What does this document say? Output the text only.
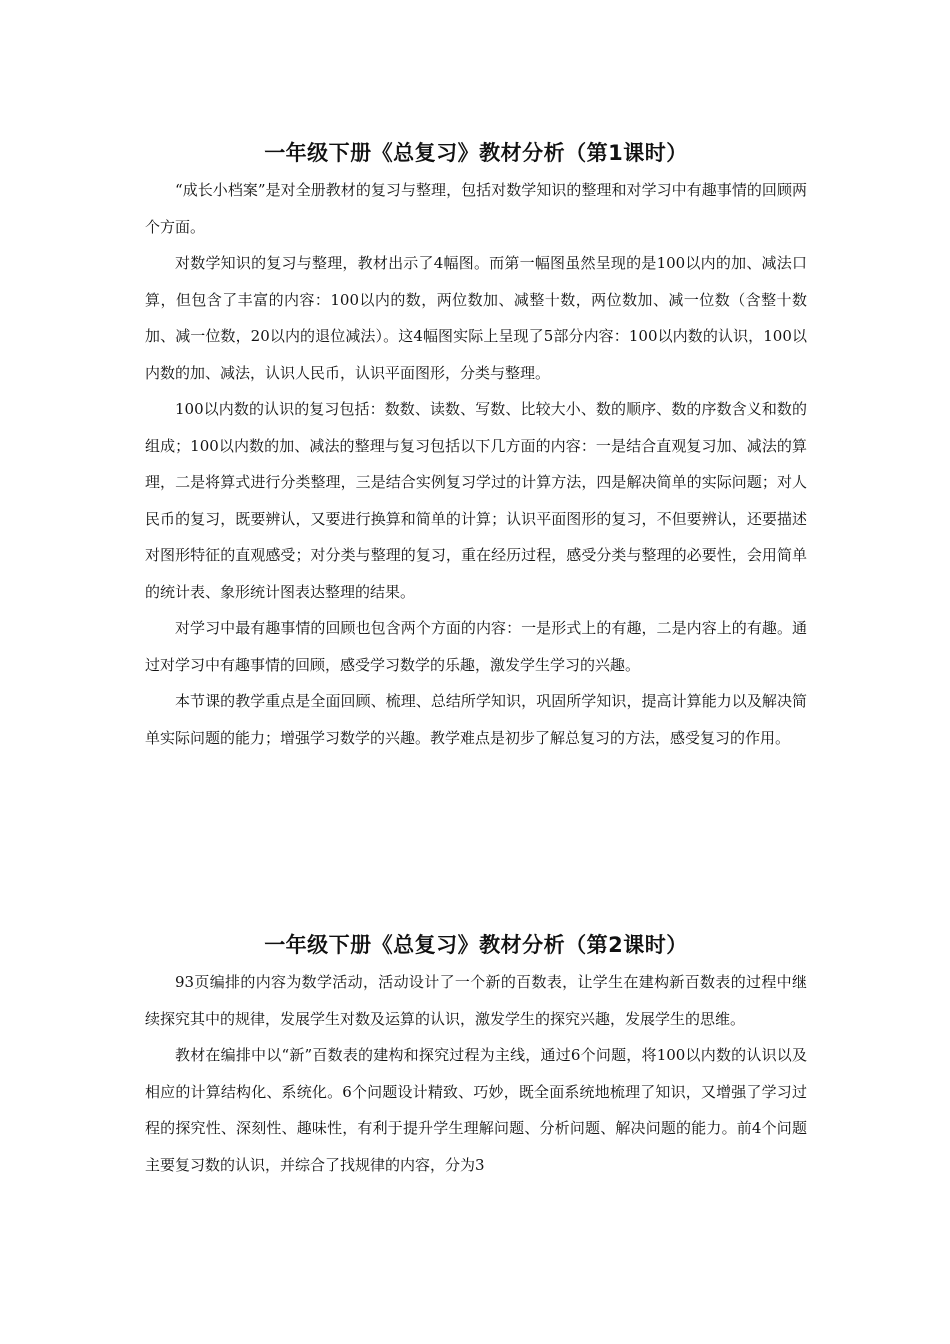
一年级下册《总复习》教材分析（第1课时）

“成长小档案”是对全册教材的复习与整理，包括对数学知识的整理和对学习中有趣事情的回顾两个方面。

对数学知识的复习与整理，教材出示了4幅图。而第一幅图虽然呈现的是100以内的加、减法口算，但包含了丰富的内容：100以内的数，两位数加、减整十数，两位数加、减一位数（含整十数加、减一位数，20以内的退位减法）。这4幅图实际上呈现了5部分内容：100以内数的认识，100以内数的加、减法，认识人民币，认识平面图形，分类与整理。

100以内数的认识的复习包括：数数、读数、写数、比较大小、数的顺序、数的序数含义和数的组成；100以内数的加、减法的整理与复习包括以下几方面的内容：一是结合直观复习加、减法的算理，二是将算式进行分类整理，三是结合实例复习学过的计算方法，四是解决简单的实际问题；对人民币的复习，既要辨认，又要进行换算和简单的计算；认识平面图形的复习，不但要辨认，还要描述对图形特征的直观感受；对分类与整理的复习，重在经历过程，感受分类与整理的必要性，会用简单的统计表、象形统计图表达整理的结果。

对学习中最有趣事情的回顾也包含两个方面的内容：一是形式上的有趣，二是内容上的有趣。通过对学习中有趣事情的回顾，感受学习数学的乐趣，激发学生学习的兴趣。

本节课的教学重点是全面回顾、梳理、总结所学知识，巩固所学知识，提高计算能力以及解决简单实际问题的能力；增强学习数学的兴趣。教学难点是初步了解总复习的方法，感受复习的作用。

一年级下册《总复习》教材分析（第2课时）

93页编排的内容为数学活动，活动设计了一个新的百数表，让学生在建构新百数表的过程中继续探究其中的规律，发展学生对数及运算的认识，激发学生的探究兴趣，发展学生的思维。

教材在编排中以“新”百数表的建构和探究过程为主线，通过6个问题，将100以内数的认识以及相应的计算结构化、系统化。6个问题设计精致、巧妙，既全面系统地梳理了知识，又增强了学习过程的探究性、深刻性、趣味性，有利于提升学生理解问题、分析问题、解决问题的能力。前4个问题主要复习数的认识，并综合了找规律的内容，分为3
